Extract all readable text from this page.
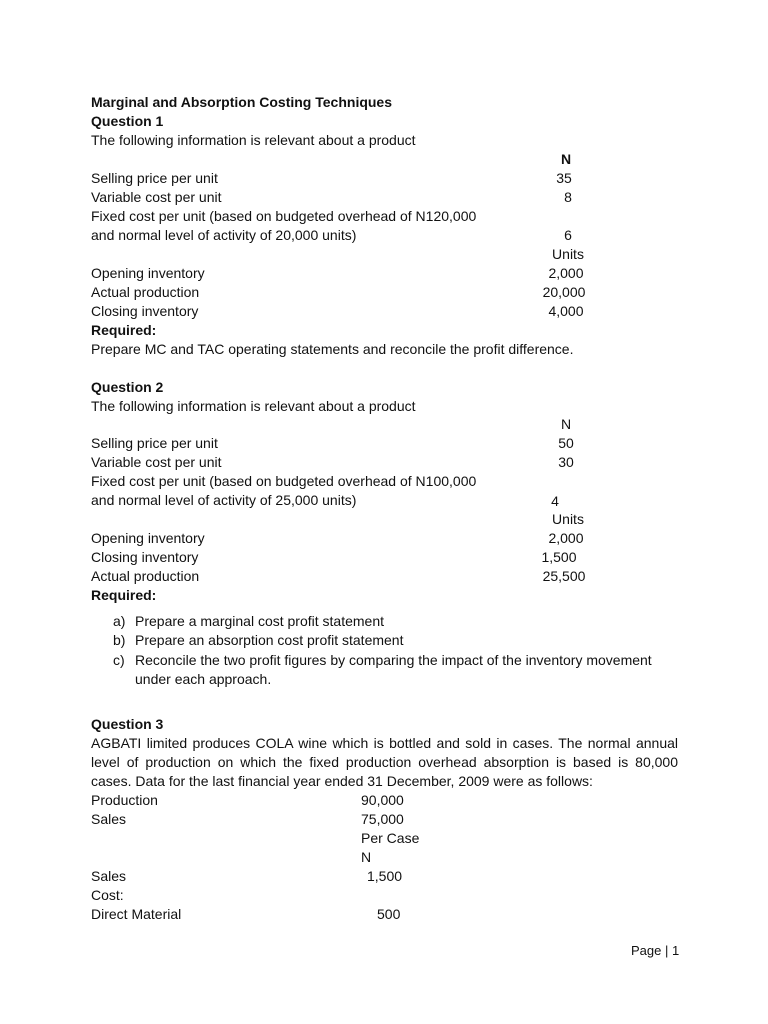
Marginal and Absorption Costing Techniques
Question 1
The following information is relevant about a product
N
Selling price per unit	35
Variable cost per unit	8
Fixed cost per unit (based on budgeted overhead of N120,000
and normal level of activity of 20,000 units)	6
Units
Opening inventory	2,000
Actual production	20,000
Closing inventory	4,000
Required:
Prepare MC and TAC operating statements and reconcile the profit difference.
Question 2
The following information is relevant about a product
N
Selling price per unit	50
Variable cost per unit	30
Fixed cost per unit (based on budgeted overhead of N100,000
and normal level of activity of 25,000 units)	4
Units
Opening inventory	2,000
Closing inventory	1,500
Actual production	25,500
Required:
a) Prepare a marginal cost profit statement
b) Prepare an absorption cost profit statement
c) Reconcile the two profit figures by comparing the impact of the inventory movement
under each approach.
Question 3
AGBATI limited produces COLA wine which is bottled and sold in cases. The normal annual level of production on which the fixed production overhead absorption is based is 80,000 cases. Data for the last financial year ended 31 December, 2009 were as follows:
Production	90,000
Sales	75,000
Per Case
N
Sales	1,500
Cost:
Direct Material	500
Page | 1
